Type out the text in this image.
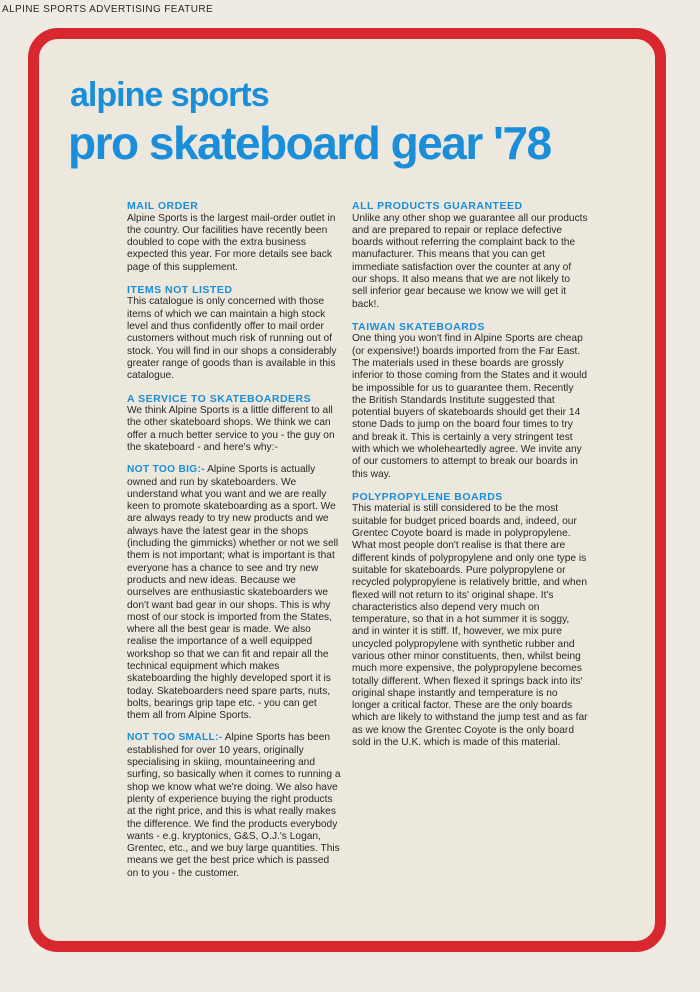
ALPINE SPORTS ADVERTISING FEATURE
alpine sports
pro skateboard gear '78
MAIL ORDER

Alpine Sports is the largest mail-order outlet in the country. Our facilities have recently been doubled to cope with the extra business expected this year. For more details see back page of this supplement.

ITEMS NOT LISTED

This catalogue is only concerned with those items of which we can maintain a high stock level and thus confidently offer to mail order customers without much risk of running out of stock. You will find in our shops a considerably greater range of goods than is available in this catalogue.

A SERVICE TO SKATEBOARDERS

We think Alpine Sports is a little different to all the other skateboard shops. We think we can offer a much better service to you - the guy on the skateboard - and here's why:-

NOT TOO BIG:- Alpine Sports is actually owned and run by skateboarders. We understand what you want and we are really keen to promote skateboarding as a sport. We are always ready to try new products and we always have the latest gear in the shops (including the gimmicks) whether or not we sell them is not important; what is important is that everyone has a chance to see and try new products and new ideas. Because we ourselves are enthusiastic skateboarders we don't want bad gear in our shops. This is why most of our stock is imported from the States, where all the best gear is made. We also realise the importance of a well equipped workshop so that we can fit and repair all the technical equipment which makes skateboarding the highly developed sport it is today. Skateboarders need spare parts, nuts, bolts, bearings grip tape etc. - you can get them all from Alpine Sports.

NOT TOO SMALL:- Alpine Sports has been established for over 10 years, originally specialising in skiing, mountaineering and surfing, so basically when it comes to running a shop we know what we're doing. We also have plenty of experience buying the right products at the right price, and this is what really makes the difference. We find the products everybody wants - e.g. kryptonics, G&S, O.J.'s Logan, Grentec, etc., and we buy large quantities. This means we get the best price which is passed on to you - the customer.

ALL PRODUCTS GUARANTEED

Unlike any other shop we guarantee all our products and are prepared to repair or replace defective boards without referring the complaint back to the manufacturer. This means that you can get immediate satisfaction over the counter at any of our shops. It also means that we are not likely to sell inferior gear because we know we will get it back!.

TAIWAN SKATEBOARDS

One thing you won't find in Alpine Sports are cheap (or expensive!) boards imported from the Far East. The materials used in these boards are grossly inferior to those coming from the States and it would be impossible for us to guarantee them. Recently the British Standards Institute suggested that potential buyers of skateboards should get their 14 stone Dads to jump on the board four times to try and break it. This is certainly a very stringent test with which we wholeheartedly agree. We invite any of our customers to attempt to break our boards in this way.

POLYPROPYLENE BOARDS

This material is still considered to be the most suitable for budget priced boards and, indeed, our Grentec Coyote board is made in polypropylene. What most people don't realise is that there are different kinds of polypropylene and only one type is suitable for skateboards. Pure polypropylene or recycled polypropylene is relatively brittle, and when flexed will not return to its' original shape. It's characteristics also depend very much on temperature, so that in a hot summer it is soggy, and in winter it is stiff. If, however, we mix pure uncycled polypropylene with synthetic rubber and various other minor constituents, then, whilst being much more expensive, the polypropylene becomes totally different. When flexed it springs back into its' original shape instantly and temperature is no longer a critical factor. These are the only boards which are likely to withstand the jump test and as far as we know the Grentec Coyote is the only board sold in the U.K. which is made of this material.
